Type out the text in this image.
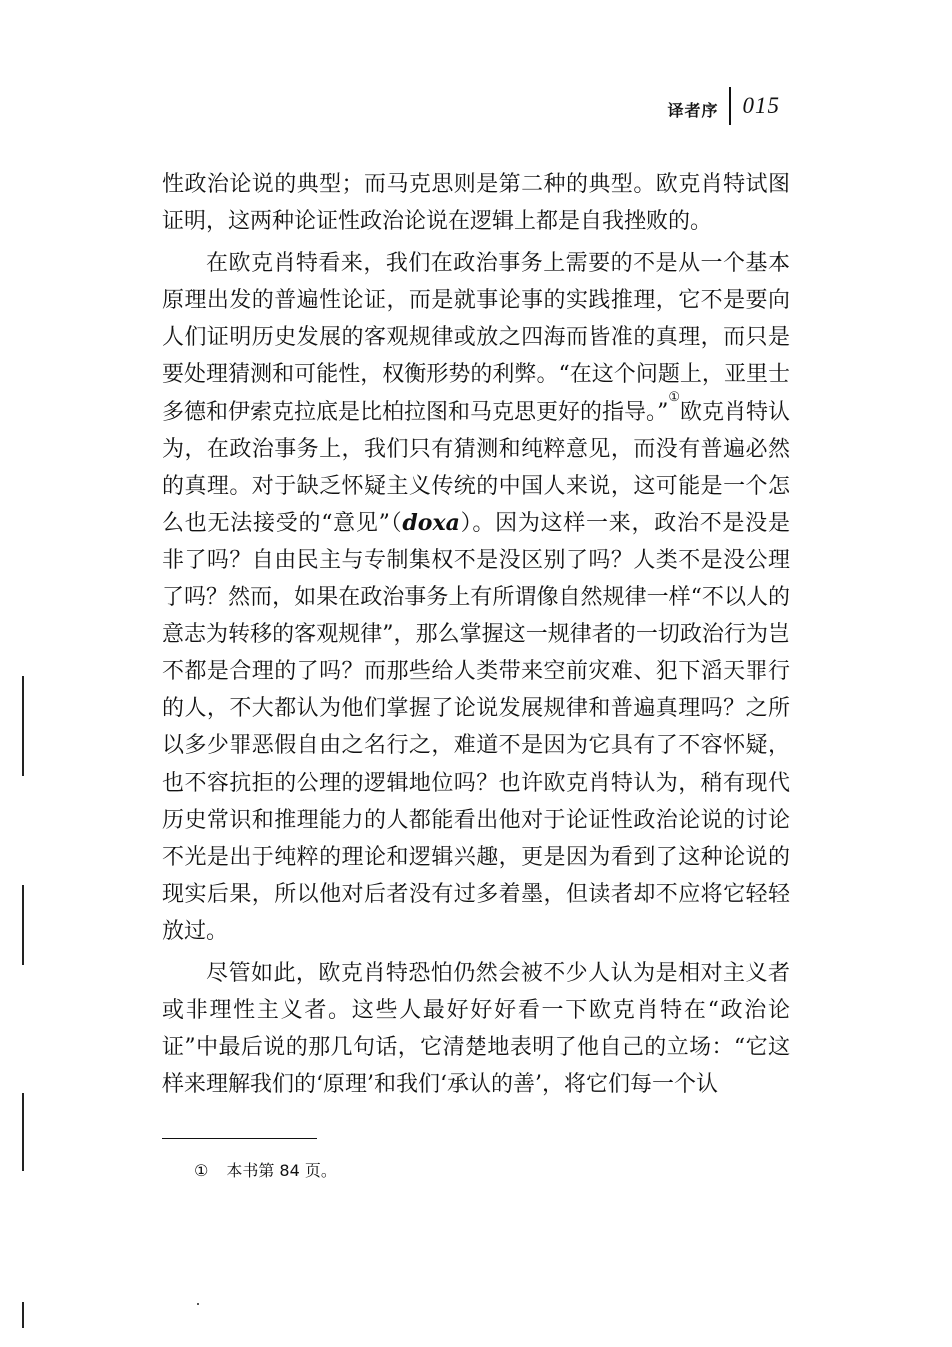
译者序 015

性政治论说的典型；而马克思则是第二种的典型。欧克肖特试图证明，这两种论证性政治论说在逻辑上都是自我挫败的。

在欧克肖特看来，我们在政治事务上需要的不是从一个基本原理出发的普遍性论证，而是就事论事的实践推理，它不是要向人们证明历史发展的客观规律或放之四海而皆准的真理，而只是要处理猜测和可能性，权衡形势的利弊。“在这个问题上，亚里士多德和伊索克拉底是比柏拉图和马克思更好的指导。”①欧克肖特认为，在政治事务上，我们只有猜测和纯粹意见，而没有普遍必然的真理。对于缺乏怀疑主义传统的中国人来说，这可能是一个怎么也无法接受的“意见”（doxa）。因为这样一来，政治不是没是非了吗？自由民主与专制集权不是没区别了吗？人类不是没公理了吗？然而，如果在政治事务上有所谓像自然规律一样“不以人的意志为转移的客观规律”，那么掌握这一规律者的一切政治行为岂不都是合理的了吗？而那些给人类带来空前灾难、犯下滔天罪行的人，不大都认为他们掌握了论说发展规律和普遍真理吗？之所以多少罪恶假自由之名行之，难道不是因为它具有了不容怀疑，也不容抗拒的公理的逻辑地位吗？也许欧克肖特认为，稍有现代历史常识和推理能力的人都能看出他对于论证性政治论说的讨论不光是出于纯粹的理论和逻辑兴趣，更是因为看到了这种论说的现实后果，所以他对后者没有过多着墨，但读者却不应将它轻轻放过。

尽管如此，欧克肖特恐怕仍然会被不少人认为是相对主义者或非理性主义者。这些人最好好好看一下欧克肖特在“政治论证”中最后说的那几句话，它清楚地表明了他自己的立场：“它这样来理解我们的‘原理’和我们‘承认的善’，将它们每一个认

① 本书第 84 页。
